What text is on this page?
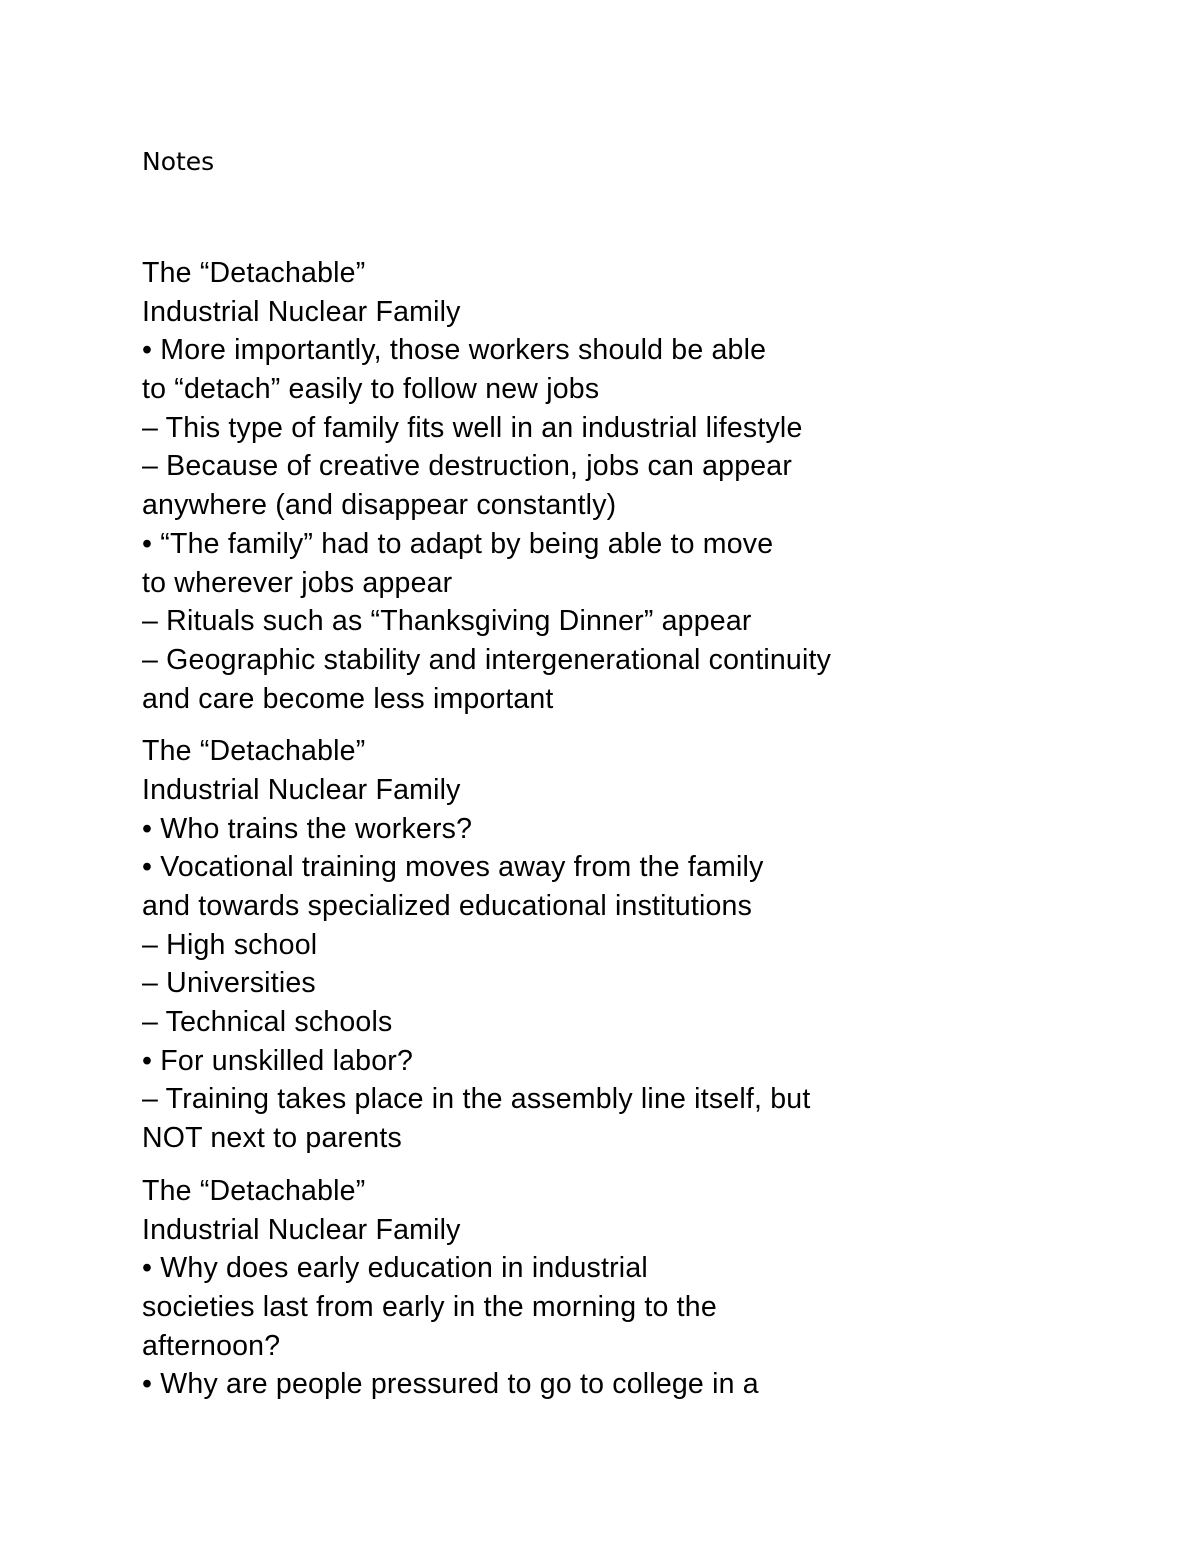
Notes

The “Detachable”

Industrial Nuclear Family

• More importantly, those workers should be able

to “detach” easily to follow new jobs

– This type of family fits well in an industrial lifestyle

– Because of creative destruction, jobs can appear

anywhere (and disappear constantly)

• “The family” had to adapt by being able to move

to wherever jobs appear

– Rituals such as “Thanksgiving Dinner” appear

– Geographic stability and intergenerational continuity

and care become less important

The “Detachable”

Industrial Nuclear Family

• Who trains the workers?

• Vocational training moves away from the family

and towards specialized educational institutions

– High school

– Universities

– Technical schools

• For unskilled labor?

– Training takes place in the assembly line itself, but

NOT next to parents

The “Detachable”

Industrial Nuclear Family

• Why does early education in industrial

societies last from early in the morning to the

afternoon?

• Why are people pressured to go to college in a
